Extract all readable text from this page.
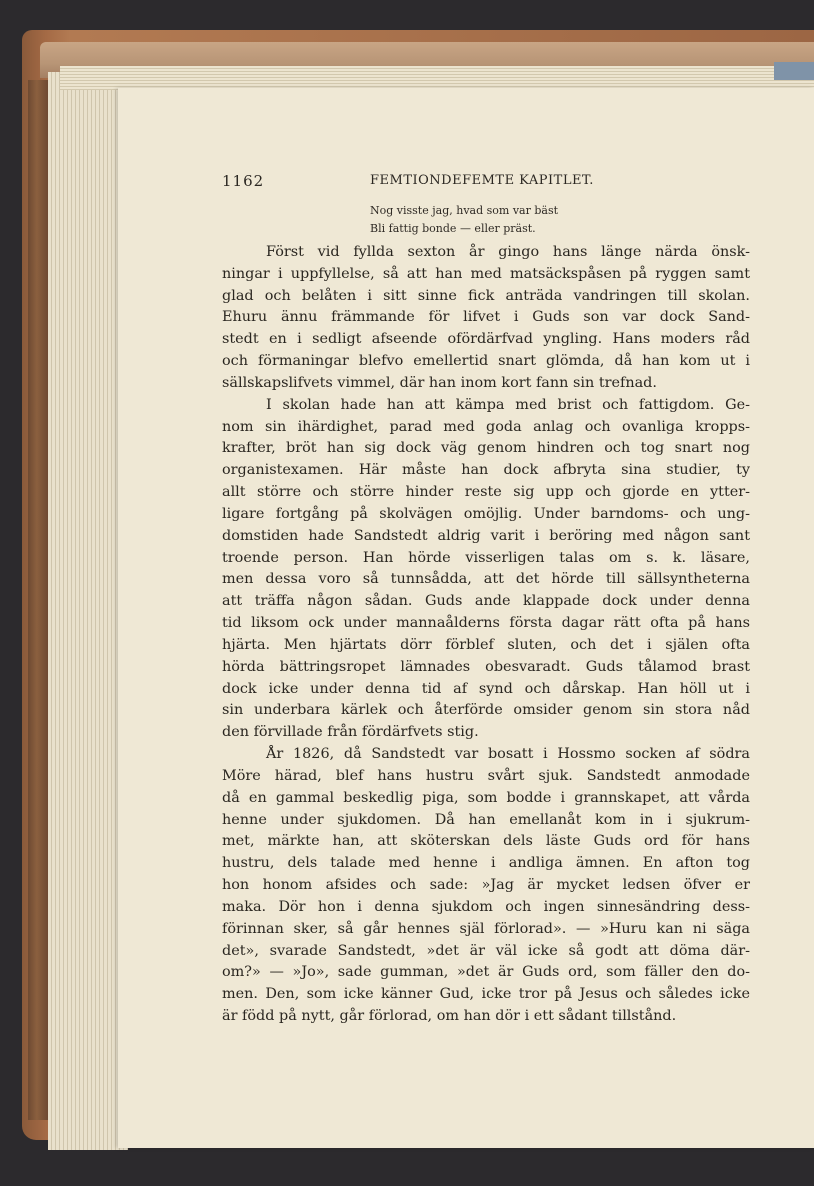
1162	FEMTIONDEFEMTE KAPITLET.
Nog visste jag, hvad som var bäst
Bli fattig bonde — eller präst.
Först vid fyllda sexton år gingo hans länge närda önsk-
ningar i uppfyllelse, så att han med matsäckspåsen på ryggen samt
glad och belåten i sitt sinne fick anträda vandringen till skolan.
Ehuru ännu främmande för lifvet i Guds son var dock Sand-
stedt en i sedligt afseende ofördärfvad yngling. Hans moders råd
och förmaningar blefvo emellertid snart glömda, då han kom ut i
sällskapslifvets vimmel, där han inom kort fann sin trefnad.
I skolan hade han att kämpa med brist och fattigdom. Ge-
nom sin ihärdighet, parad med goda anlag och ovanliga kropps-
krafter, bröt han sig dock väg genom hindren och tog snart nog
organistexamen. Här måste han dock afbryta sina studier, ty
allt större och större hinder reste sig upp och gjorde en ytter-
ligare fortgång på skolvägen omöjlig. Under barndoms- och ung-
domstiden hade Sandstedt aldrig varit i beröring med någon sant
troende person. Han hörde visserligen talas om s. k. läsare,
men dessa voro så tunnsådda, att det hörde till sällsyntheterna
att träffa någon sådan. Guds ande klappade dock under denna
tid liksom ock under mannaålderns första dagar rätt ofta på hans
hjärta. Men hjärtats dörr förblef sluten, och det i själen ofta
hörda bättringsropet lämnades obesvaradt. Guds tålamod brast
dock icke under denna tid af synd och dårskap. Han höll ut i
sin underbara kärlek och återförde omsider genom sin stora nåd
den förvillade från fördärfvets stig.
År 1826, då Sandstedt var bosatt i Hossmo socken af södra
Möre härad, blef hans hustru svårt sjuk. Sandstedt anmodade
då en gammal beskedlig piga, som bodde i grannskapet, att vårda
henne under sjukdomen. Då han emellanåt kom in i sjukrum-
met, märkte han, att sköterskan dels läste Guds ord för hans
hustru, dels talade med henne i andliga ämnen. En afton tog
hon honom afsides och sade: »Jag är mycket ledsen öfver er
maka. Dör hon i denna sjukdom och ingen sinnesändring dess-
förinnan sker, så går hennes själ förlorad». — »Huru kan ni säga
det», svarade Sandstedt, »det är väl icke så godt att döma där-
om?» — »Jo», sade gumman, »det är Guds ord, som fäller den do-
men. Den, som icke känner Gud, icke tror på Jesus och således icke
är född på nytt, går förlorad, om han dör i ett sådant tillstånd.
